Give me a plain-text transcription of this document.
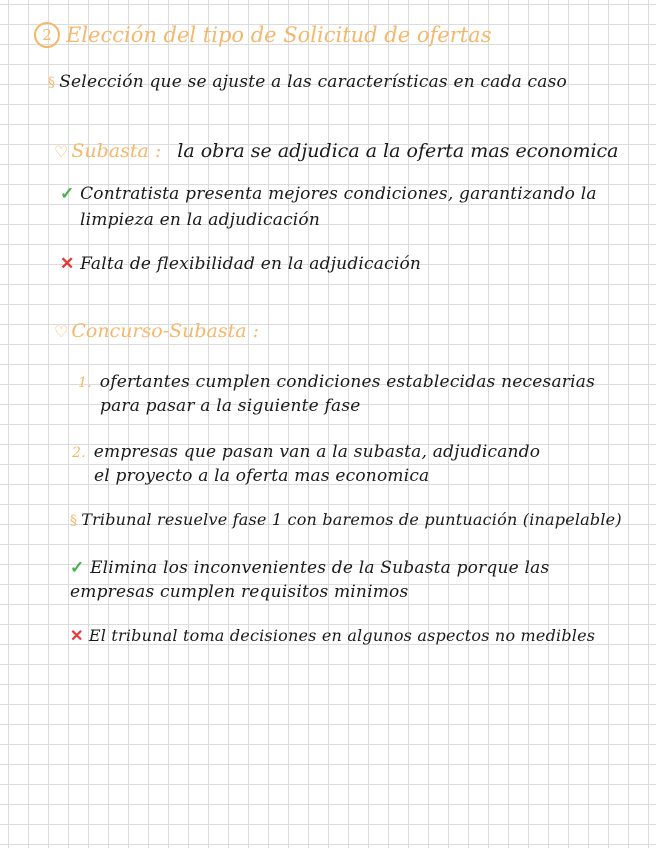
2 Elección del tipo de Solicitud de ofertas
§ Selección que se ajuste a las características en cada caso
♡ Subasta : la obra se adjudica a la oferta mas economica
✓ Contratista presenta mejores condiciones, garantizando la
limpieza en la adjudicación
✕ Falta de flexibilidad en la adjudicación
♡ Concurso-Subasta :
1. ofertantes cumplen condiciones establecidas necesarias
para pasar a la siguiente fase
2. empresas que pasan van a la subasta, adjudicando
el proyecto a la oferta mas economica
§ Tribunal resuelve fase 1 con baremos de puntuación (inapelable)
✓ Elimina los inconvenientes de la Subasta porque las
empresas cumplen requisitos minimos
✕ El tribunal toma decisiones en algunos aspectos no medibles
